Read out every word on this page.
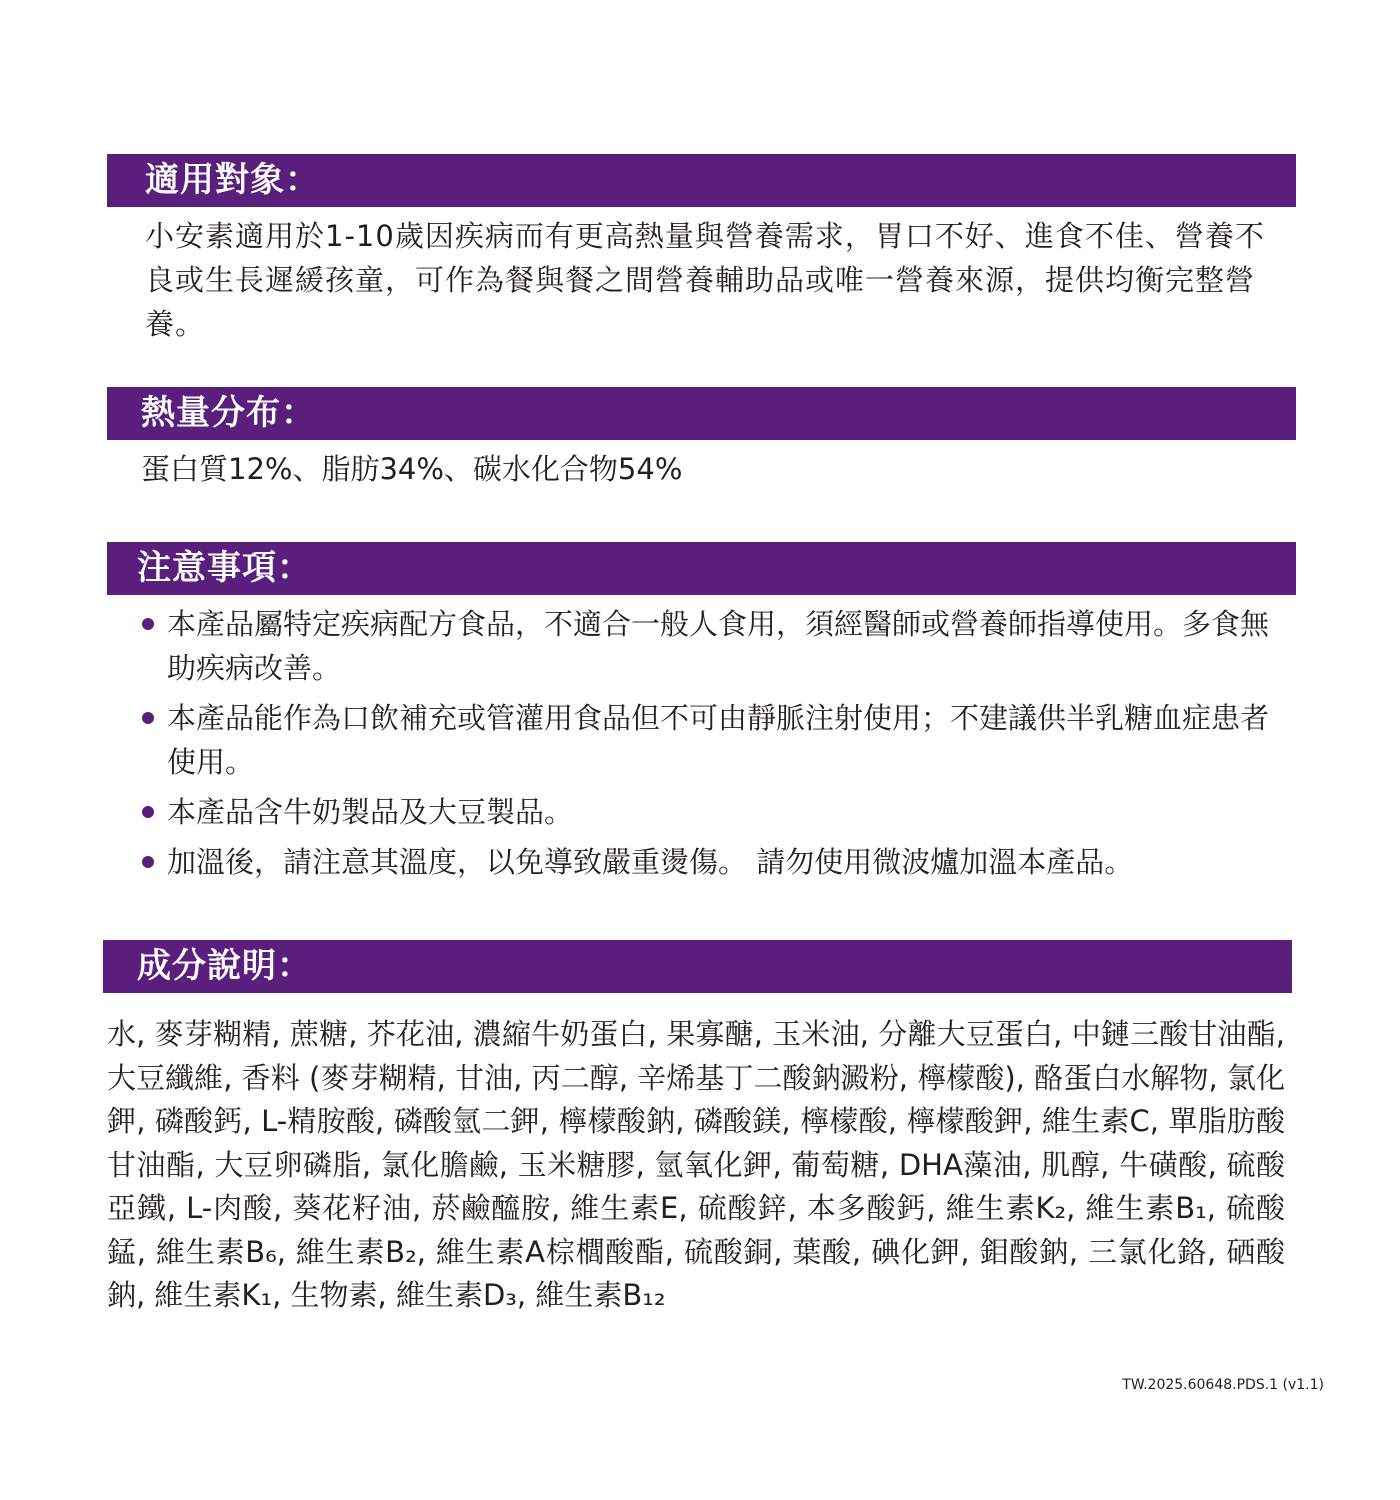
適用對象：

小安素適用於1-10歲因疾病而有更高熱量與營養需求，胃口不好、進食不佳、營養不良或生長遲緩孩童，可作為餐與餐之間營養輔助品或唯一營養來源，提供均衡完整營養。

熱量分布：

蛋白質12%、脂肪34%、碳水化合物54%

注意事項：
本產品屬特定疾病配方食品，不適合一般人食用，須經醫師或營養師指導使用。多食無助疾病改善。
本產品能作為口飲補充或管灌用食品但不可由靜脈注射使用；不建議供半乳糖血症患者使用。
本產品含牛奶製品及大豆製品。
加溫後，請注意其溫度，以免導致嚴重燙傷。 請勿使用微波爐加溫本產品。
成分說明：

水, 麥芽糊精, 蔗糖, 芥花油, 濃縮牛奶蛋白, 果寡醣, 玉米油, 分離大豆蛋白, 中鏈三酸甘油酯, 大豆纖維, 香料 (麥芽糊精, 甘油, 丙二醇, 辛烯基丁二酸鈉澱粉, 檸檬酸), 酪蛋白水解物, 氯化鉀, 磷酸鈣, L-精胺酸, 磷酸氫二鉀, 檸檬酸鈉, 磷酸鎂, 檸檬酸, 檸檬酸鉀, 維生素C, 單脂肪酸甘油酯, 大豆卵磷脂, 氯化膽鹼, 玉米糖膠, 氫氧化鉀, 葡萄糖, DHA藻油, 肌醇, 牛磺酸, 硫酸亞鐵, L-肉酸, 葵花籽油, 菸鹼醯胺, 維生素E, 硫酸鋅, 本多酸鈣, 維生素K₂, 維生素B₁, 硫酸錳, 維生素B₆, 維生素B₂, 維生素A棕櫚酸酯, 硫酸銅, 葉酸, 碘化鉀, 鉬酸鈉, 三氯化鉻, 硒酸鈉, 維生素K₁, 生物素, 維生素D₃, 維生素B₁₂

TW.2025.60648.PDS.1 (v1.1)
